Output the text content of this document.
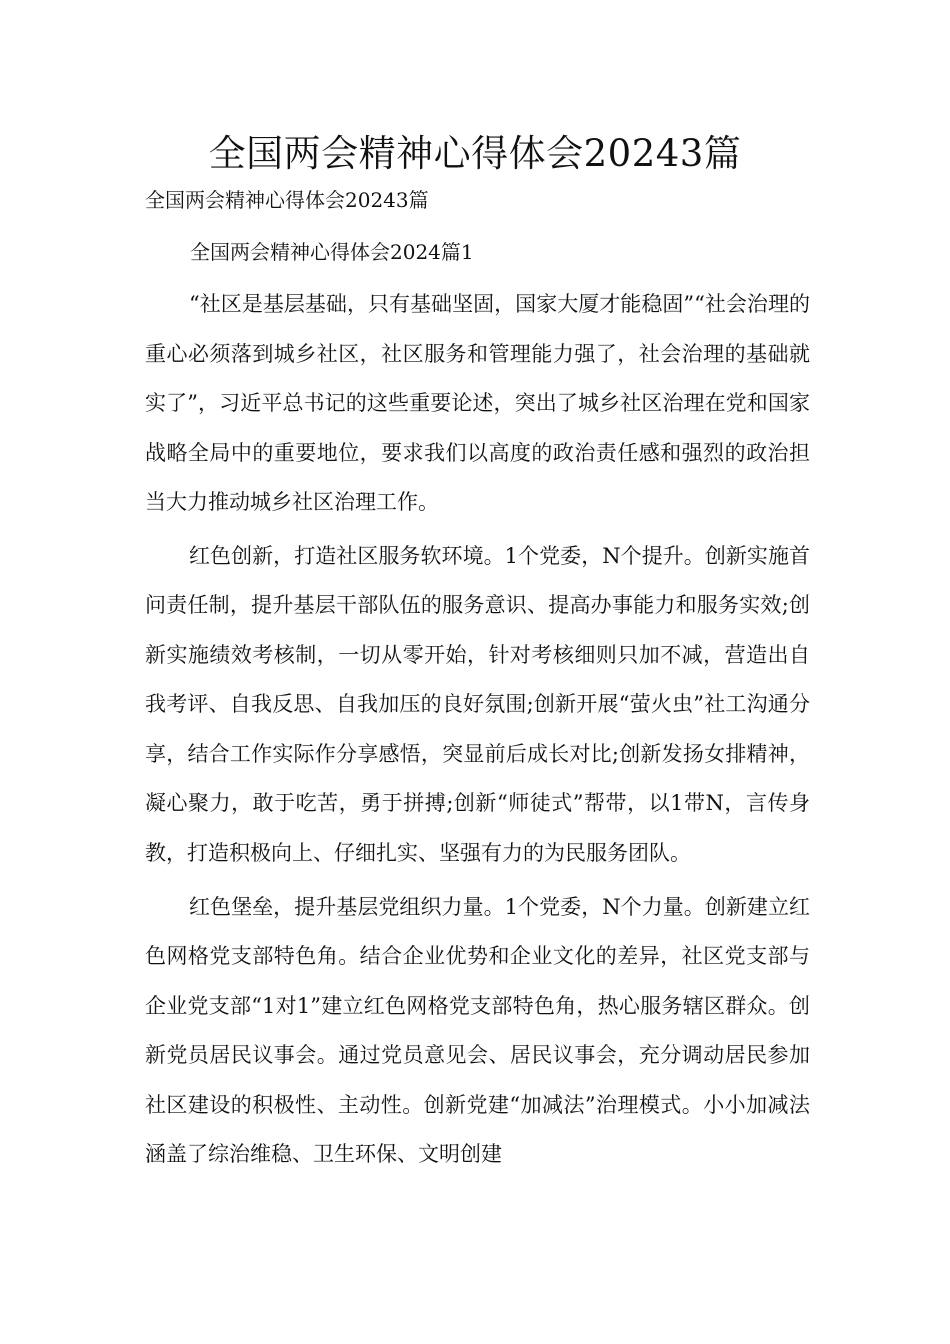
全国两会精神心得体会20243篇
全国两会精神心得体会20243篇
全国两会精神心得体会2024篇1

“社区是基层基础，只有基础坚固，国家大厦才能稳固”“社会治理的重心必须落到城乡社区，社区服务和管理能力强了，社会治理的基础就实了”，习近平总书记的这些重要论述，突出了城乡社区治理在党和国家战略全局中的重要地位，要求我们以高度的政治责任感和强烈的政治担当大力推动城乡社区治理工作。

红色创新，打造社区服务软环境。1个党委，N个提升。创新实施首问责任制，提升基层干部队伍的服务意识、提高办事能力和服务实效;创新实施绩效考核制，一切从零开始，针对考核细则只加不减，营造出自我考评、自我反思、自我加压的良好氛围;创新开展“萤火虫”社工沟通分享，结合工作实际作分享感悟，突显前后成长对比;创新发扬女排精神，凝心聚力，敢于吃苦，勇于拼搏;创新“师徒式”帮带，以1带N，言传身教，打造积极向上、仔细扎实、坚强有力的为民服务团队。

红色堡垒，提升基层党组织力量。1个党委，N个力量。创新建立红色网格党支部特色角。结合企业优势和企业文化的差异，社区党支部与企业党支部“1对1”建立红色网格党支部特色角，热心服务辖区群众。创新党员居民议事会。通过党员意见会、居民议事会，充分调动居民参加社区建设的积极性、主动性。创新党建“加减法”治理模式。小小加减法涵盖了综治维稳、卫生环保、文明创建
